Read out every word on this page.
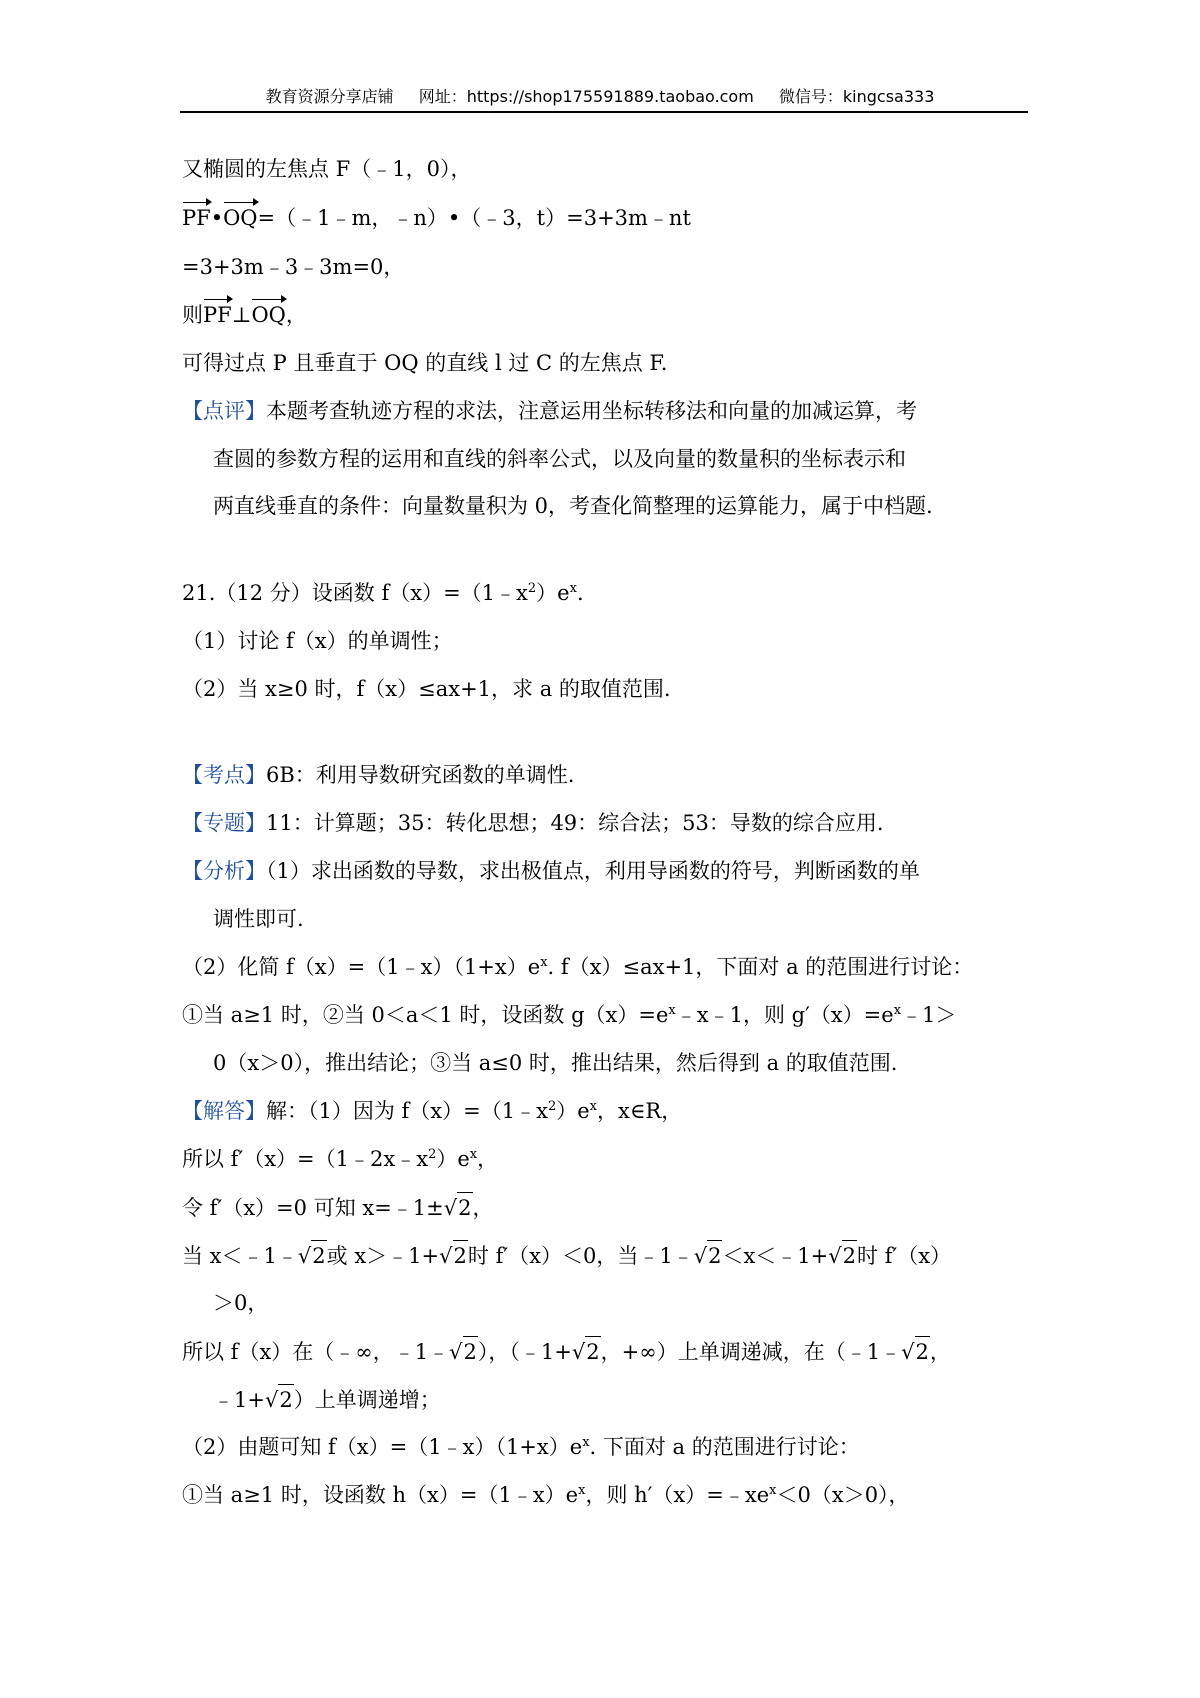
教育资源分享店铺 网址：https://shop175591889.taobao.com 微信号：kingcsa333
又椭圆的左焦点 F（﹣1，0），
PF•OQ=（﹣1﹣m，﹣n）•（﹣3，t）=3+3m﹣nt
=3+3m﹣3﹣3m=0，
则PF⊥OQ，
可得过点 P 且垂直于 OQ 的直线 l 过 C 的左焦点 F.
【点评】本题考查轨迹方程的求法，注意运用坐标转移法和向量的加减运算，考
查圆的参数方程的运用和直线的斜率公式，以及向量的数量积的坐标表示和
两直线垂直的条件：向量数量积为 0，考查化简整理的运算能力，属于中档题.
21.（12 分）设函数 $f(x)=(1﹣x^2)e^x$.
（1）讨论 f（x）的单调性；
（2）当 x≥0 时，f（x）≤ax+1，求 a 的取值范围.
【考点】6B：利用导数研究函数的单调性.
【专题】11：计算题；35：转化思想；49：综合法；53：导数的综合应用.
【分析】（1）求出函数的导数，求出极值点，利用导函数的符号，判断函数的单
调性即可.
（2）化简 $f(x)=(1﹣x)(1+x)e^x$. f（x）≤ax+1，下面对 a 的范围进行讨论：
①当 a≥1 时，②当 0＜a＜1 时，设函数 $g(x)=e^x﹣x﹣1$，则 $g'(x)=e^x﹣1>$
0（x＞0），推出结论；③当 a≤0 时，推出结果，然后得到 a 的取值范围.
【解答】解：（1）因为 $f(x)=(1﹣x^2)e^x$，x∈R，
所以 $f'(x)=(1﹣2x﹣x^2)e^x$，
令 f′（x）=0 可知 x=﹣1±√2，
当 x＜﹣1﹣√2或 x＞﹣1+√2时 f′（x）＜0，当﹣1﹣√2＜x＜﹣1+√2时 f′（x）
＞0，
所以 f（x）在（﹣∞，﹣1﹣√2），（﹣1+√2，+∞）上单调递减，在（﹣1﹣√2，
﹣1+√2）上单调递增；
（2）由题可知 $f(x)=(1﹣x)(1+x)e^x$. 下面对 a 的范围进行讨论：
①当 a≥1 时，设函数 $h(x)=(1﹣x)e^x$，则 $h'(x)=﹣xe^x<0(x>0)$，
